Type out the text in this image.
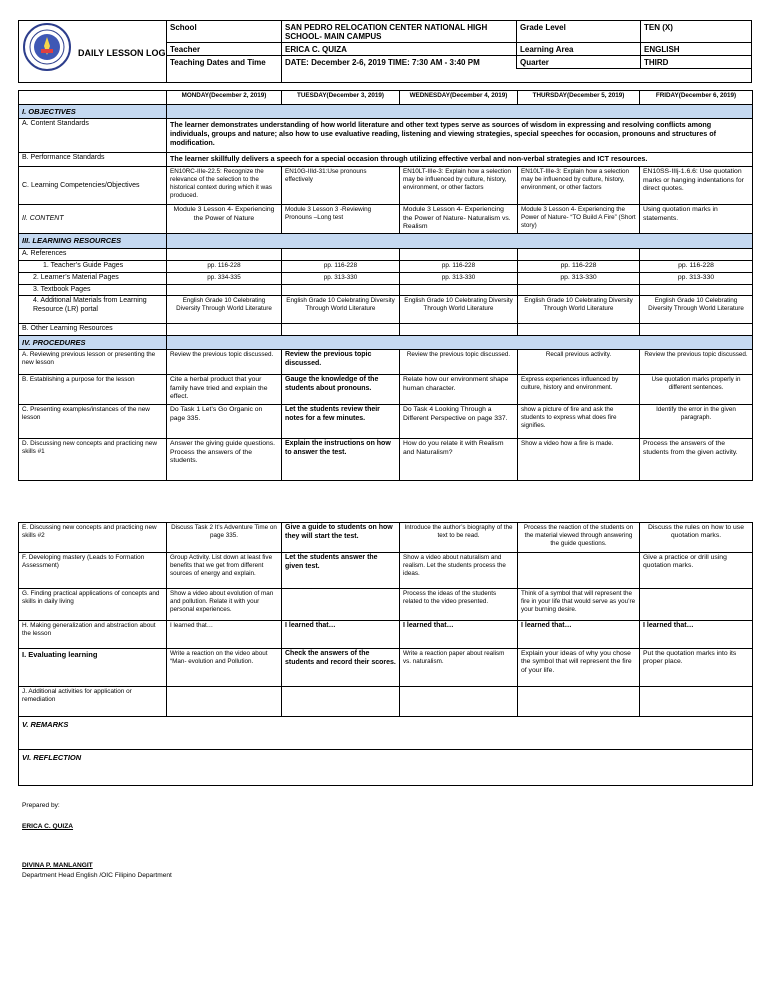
DAILY LESSON LOG
School	SAN PEDRO RELOCATION CENTER NATIONAL HIGH SCHOOL- MAIN CAMPUS
Grade Level	TEN (X)
Teacher	ERICA C. QUIZA	Learning Area	ENGLISH
Teaching Dates and Time	DATE: December 2-6, 2019 TIME: 7:30 AM - 3:40 PM	Quarter	THIRD
	MONDAY(December 2, 2019)	TUESDAY(December 3, 2019)	WEDNESDAY(December 4, 2019)	THURSDAY(December 5, 2019)	FRIDAY(December 6, 2019)
I. OBJECTIVES					
A. Content Standards	The learner demonstrates understanding of how world literature and other text types serve as sources of wisdom in expressing and resolving conflicts among individuals, groups and nature; also how to use evaluative reading, listening and viewing strategies, special speeches for occasion, pronouns and structures of modification.				
B. Performance Standards	The learner skillfully delivers a speech for a special occasion through utilizing effective verbal and non-verbal strategies and ICT resources.				
C. Learning Competencies/Objectives	EN10RC-IIIe-22.5: Recognize the relevance of the selection to the historical context during which it was produced.	EN10G-IIId-31:Use pronouns effectively	EN10LT-IIIe-3: Explain how a selection may be influenced by culture, history, environment, or other factors	EN10LT-IIIe-3: Explain how a selection may be influenced by culture, history, environment, or other factors	EN10SS-IIIj-1.6.6: Use quotation marks or hanging indentations for direct quotes.
II. CONTENT	Module 3 Lesson 4- Experiencing the Power of Nature	Module 3 Lesson 3 -Reviewing Pronouns –Long test	Module 3 Lesson 4- Experiencing the Power of Nature- Naturalism vs. Realism	Module 3 Lesson 4- Experiencing the Power of Nature- “TO Build A Fire” (Short story)	Using quotation marks in statements.
III. LEARNING RESOURCES					
A. References					
1. Teacher’s Guide Pages	pp. 116-228	pp. 116-228	pp. 116-228	pp. 116-228	pp. 116-228
2. Learner’s Material Pages	pp. 334-335	pp. 313-330	pp. 313-330	pp. 313-330	pp. 313-330
3. Textbook Pages					
4. Additional Materials from Learning Resource (LR) portal	English Grade 10 Celebrating Diversity Through World Literature	English Grade 10 Celebrating Diversity Through World Literature	English Grade 10 Celebrating Diversity Through World Literature	English Grade 10 Celebrating Diversity Through World Literature	English Grade 10 Celebrating Diversity Through World Literature
B. Other Learning Resources					
IV. PROCEDURES					
A. Reviewing previous lesson or presenting the new lesson	Review the previous topic discussed.	Review the previous topic discussed.	Review the previous topic discussed.	Recall previous activity.	Review the previous topic discussed.
B. Establishing a purpose for the lesson	Cite a herbal product that your family have tried and explain the effect.	Gauge the knowledge of the students about pronouns.	Relate how our environment shape human character.	Express experiences influenced by culture, history and environment.	Use quotation marks properly in different sentences.
C. Presenting examples/instances of the new lesson	Do Task 1 Let’s Go Organic on page 335.	Let the students review their notes for a few minutes.	Do Task 4 Looking Through a Different Perspective on page 337.	show a picture of fire and ask the students to express what does fire signifies.	Identify the error in the given paragraph.
D. Discussing new concepts and practicing new skills #1	Answer the giving guide questions. Process the answers of the students.	Explain the instructions on how to answer the test.	How do you relate it with Realism and Naturalism?	Show a video how a fire is made.	Process the answers of the students from the given activity.
E. Discussing new concepts and practicing new skills #2	Discuss Task 2 It’s Adventure Time on page 335.	Give a guide to students on how they will start the test.	Introduce the author’s biography of the text to be read.	Process the reaction of the students on the material viewed through answering the guide questions.	Discuss the rules on how to use quotation marks.
F. Developing mastery (Leads to Formation Assessment)	Group Activity. List down at least five benefits that we get from different sources of energy and explain.	Let the students answer the given test.	Show a video about naturalism and realism. Let the students process the ideas.		Give a practice or drill using quotation marks.
G. Finding practical applications of concepts and skills in daily living	Show a video about evolution of man and pollution. Relate it with your personal experiences.		Process the ideas of the students related to the video presented.	Think of a symbol that will represent the fire in your life that would serve as you’re your burning desire.	
H. Making generalization and abstraction about the lesson	I learned that…	I learned that…	I learned that…	I learned that…	I learned that…
I. Evaluating learning	Write a reaction on the video about “Man- evolution and Pollution.	Check the answers of the students and record their scores.	Write a reaction paper about realism vs. naturalism.	Explain your ideas of why you chose the symbol that will represent the fire of your life.	Put the quotation marks into its proper place.
J. Additional activities for application or remediation					
V. REMARKS					
VI. REFLECTION					
Prepared by:
ERICA C. QUIZA
DIVINA P. MANLANGIT
Department Head English /OIC Filipino Department
